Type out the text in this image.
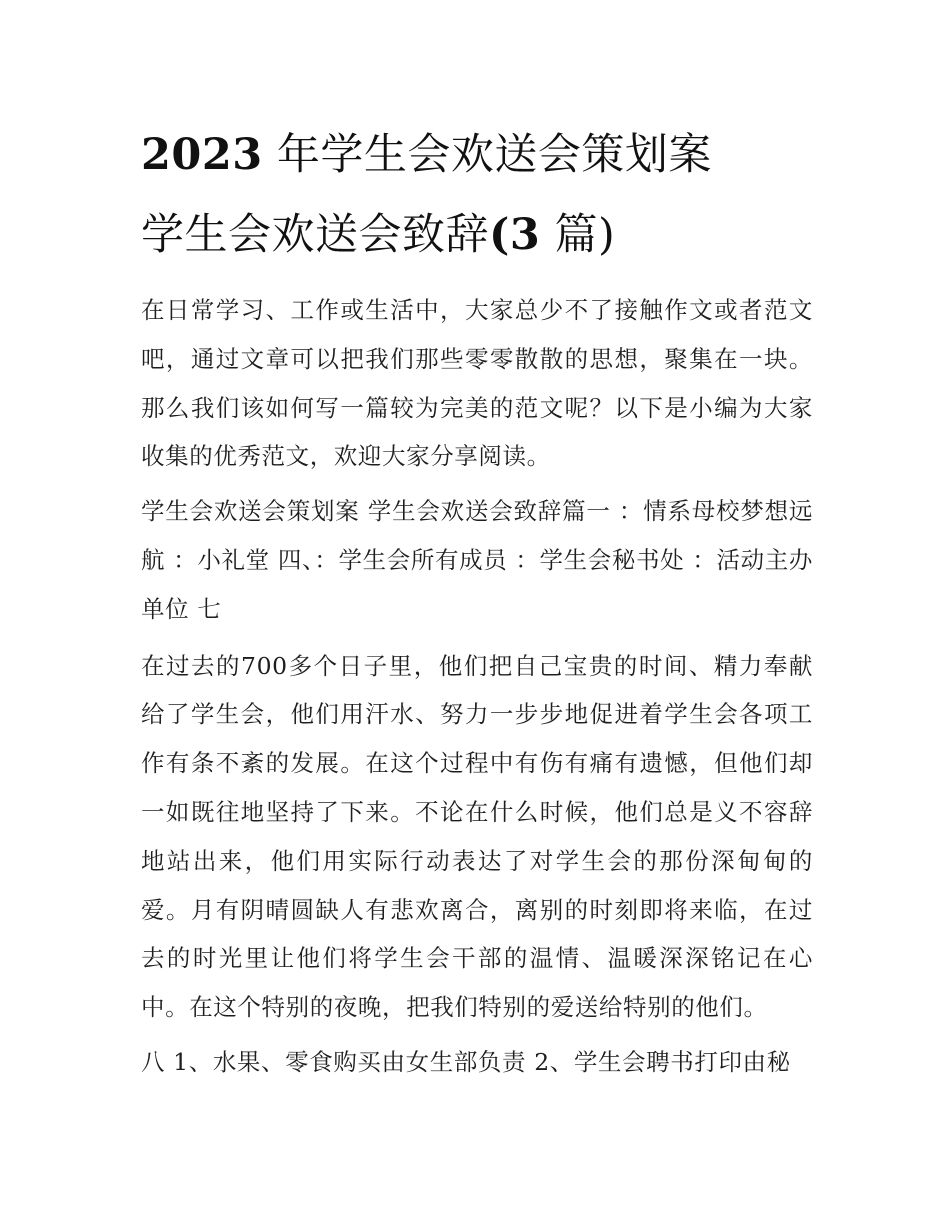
2023 年学生会欢送会策划案
学生会欢送会致辞(3 篇)

在日常学习、工作或生活中，大家总少不了接触作文或者范文吧，通过文章可以把我们那些零零散散的思想，聚集在一块。那么我们该如何写一篇较为完美的范文呢？以下是小编为大家收集的优秀范文，欢迎大家分享阅读。

学生会欢送会策划案 学生会欢送会致辞篇一 ：情系母校梦想远航 ：小礼堂 四、：学生会所有成员 ：学生会秘书处 ：活动主办单位 七

在过去的700多个日子里，他们把自己宝贵的时间、精力奉献给了学生会，他们用汗水、努力一步步地促进着学生会各项工作有条不紊的发展。在这个过程中有伤有痛有遗憾，但他们却一如既往地坚持了下来。不论在什么时候，他们总是义不容辞地站出来，他们用实际行动表达了对学生会的那份深甸甸的爱。月有阴晴圆缺人有悲欢离合，离别的时刻即将来临，在过去的时光里让他们将学生会干部的温情、温暖深深铭记在心中。在这个特别的夜晚，把我们特别的爱送给特别的他们。

八 1、水果、零食购买由女生部负责 2、学生会聘书打印由秘
